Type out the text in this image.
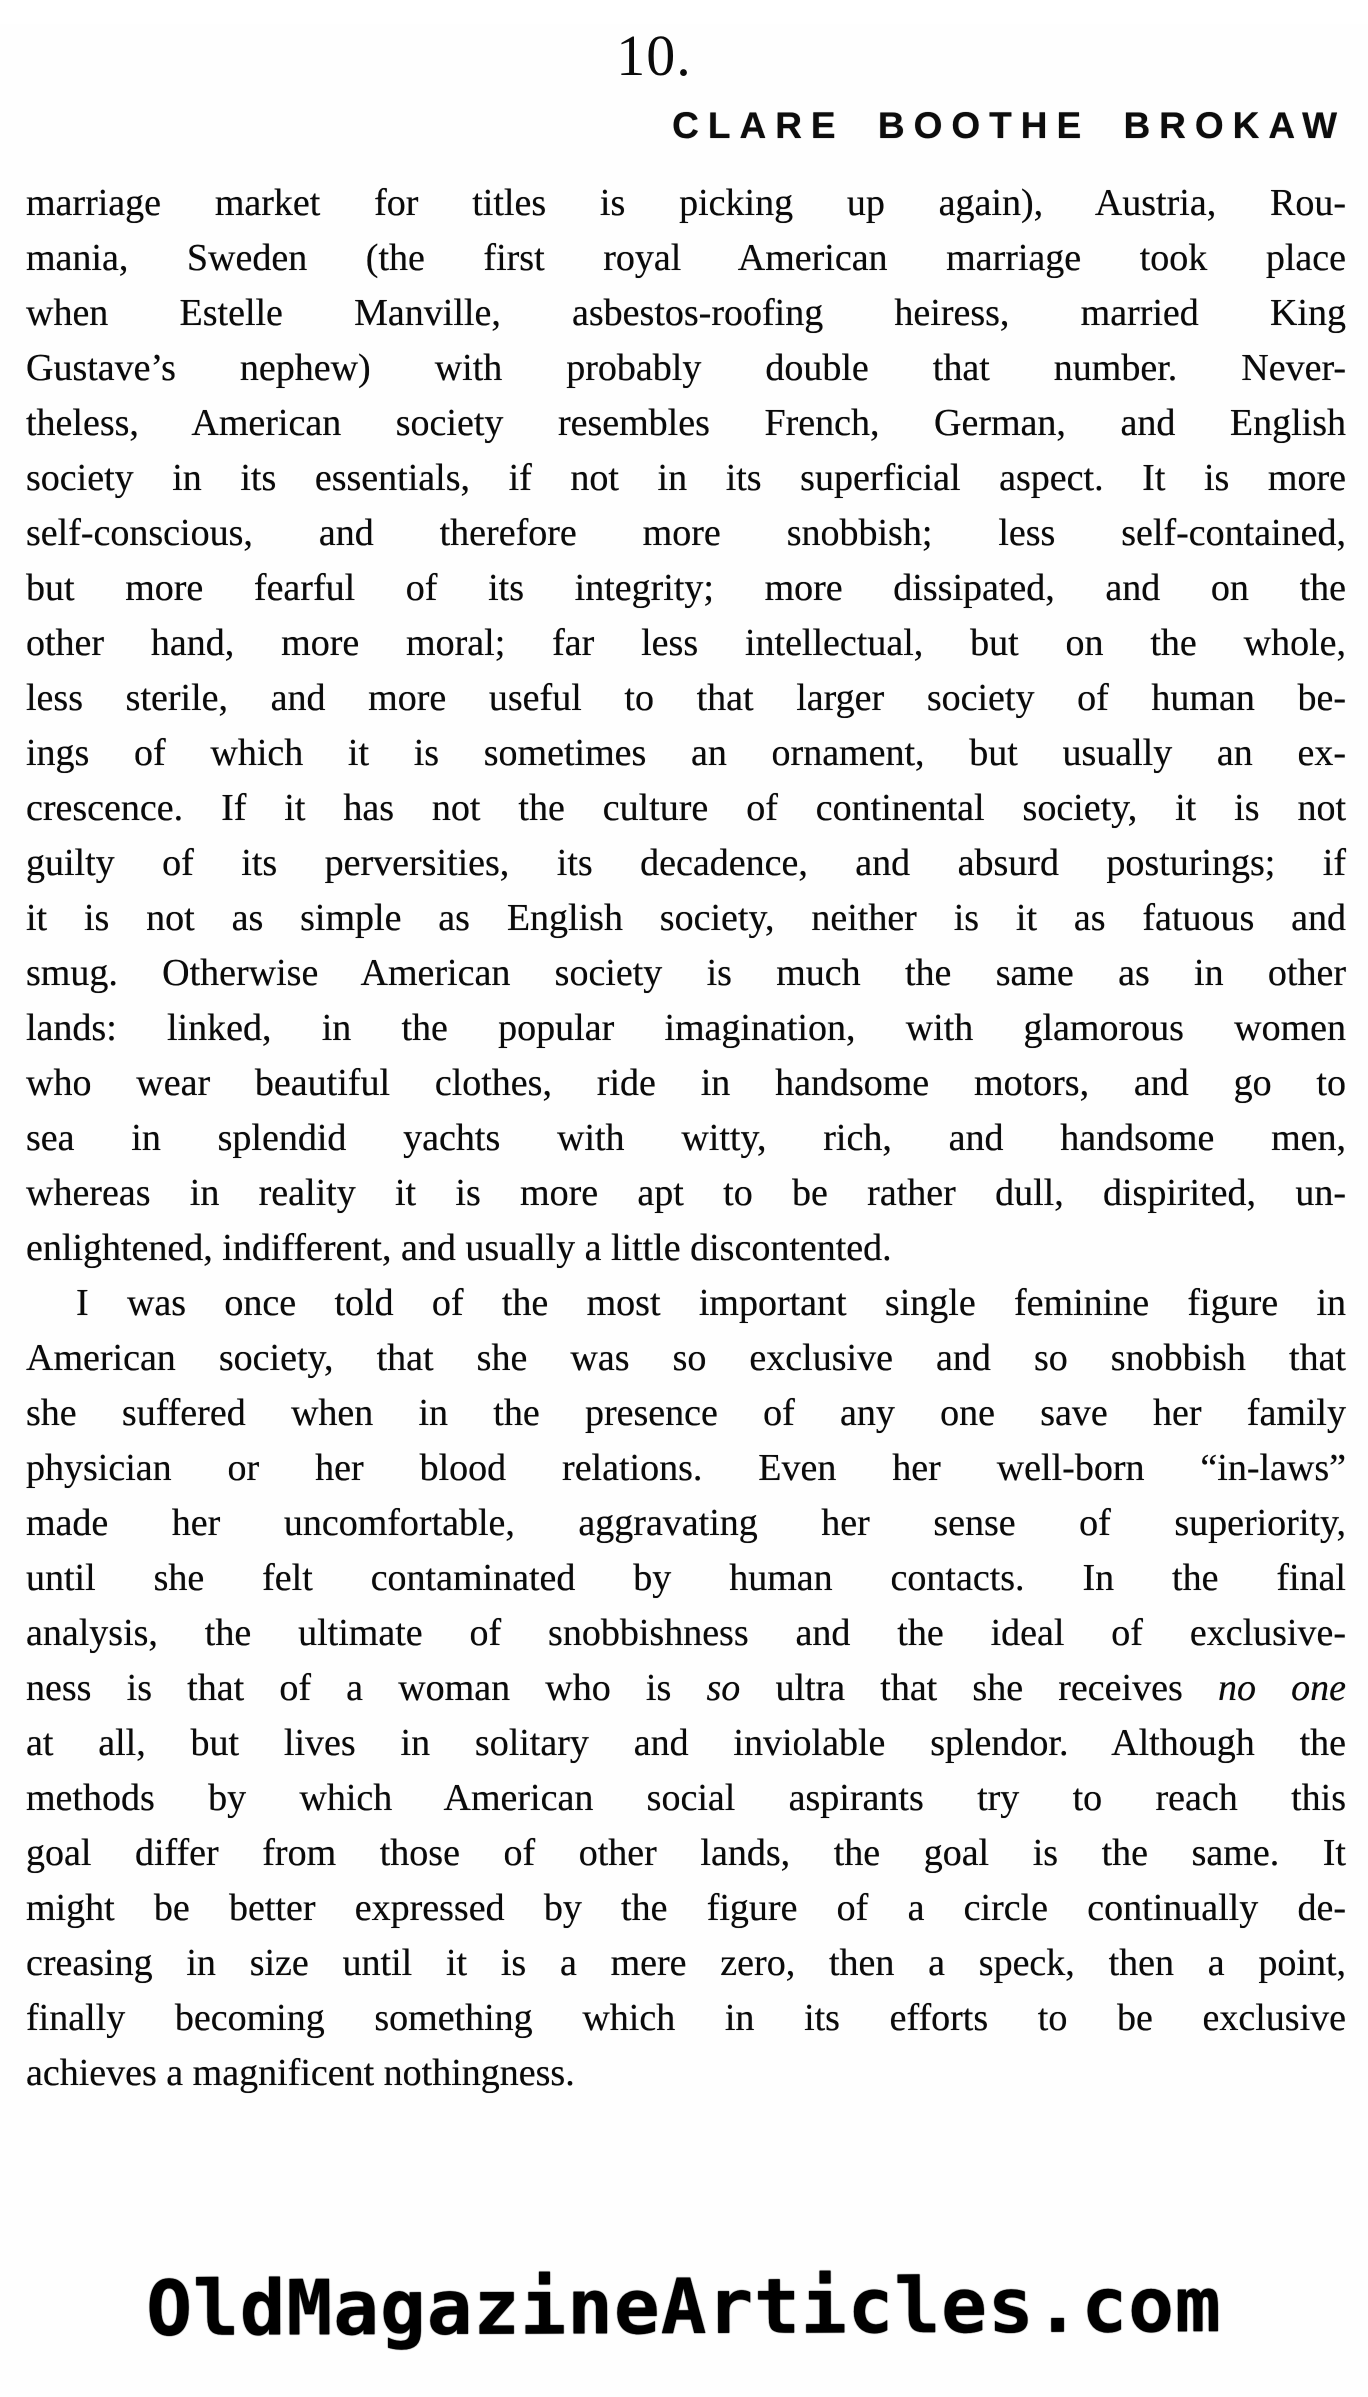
10.
CLARE BOOTHE BROKAW
marriage market for titles is picking up again), Austria, Rou-
mania, Sweden (the first royal American marriage took place
when Estelle Manville, asbestos-roofing heiress, married King
Gustave’s nephew) with probably double that number. Never-
theless, American society resembles French, German, and English
society in its essentials, if not in its superficial aspect. It is more
self-conscious, and therefore more snobbish; less self-contained,
but more fearful of its integrity; more dissipated, and on the
other hand, more moral; far less intellectual, but on the whole,
less sterile, and more useful to that larger society of human be-
ings of which it is sometimes an ornament, but usually an ex-
crescence. If it has not the culture of continental society, it is not
guilty of its perversities, its decadence, and absurd posturings; if
it is not as simple as English society, neither is it as fatuous and
smug. Otherwise American society is much the same as in other
lands: linked, in the popular imagination, with glamorous women
who wear beautiful clothes, ride in handsome motors, and go to
sea in splendid yachts with witty, rich, and handsome men,
whereas in reality it is more apt to be rather dull, dispirited, un-
enlightened, indifferent, and usually a little discontented.
I was once told of the most important single feminine figure in
American society, that she was so exclusive and so snobbish that
she suffered when in the presence of any one save her family
physician or her blood relations. Even her well-born “in-laws”
made her uncomfortable, aggravating her sense of superiority,
until she felt contaminated by human contacts. In the final
analysis, the ultimate of snobbishness and the ideal of exclusive-
ness is that of a woman who is so ultra that she receives no one
at all, but lives in solitary and inviolable splendor. Although the
methods by which American social aspirants try to reach this
goal differ from those of other lands, the goal is the same. It
might be better expressed by the figure of a circle continually de-
creasing in size until it is a mere zero, then a speck, then a point,
finally becoming something which in its efforts to be exclusive
achieves a magnificent nothingness.
OldMagazineArticles.com
